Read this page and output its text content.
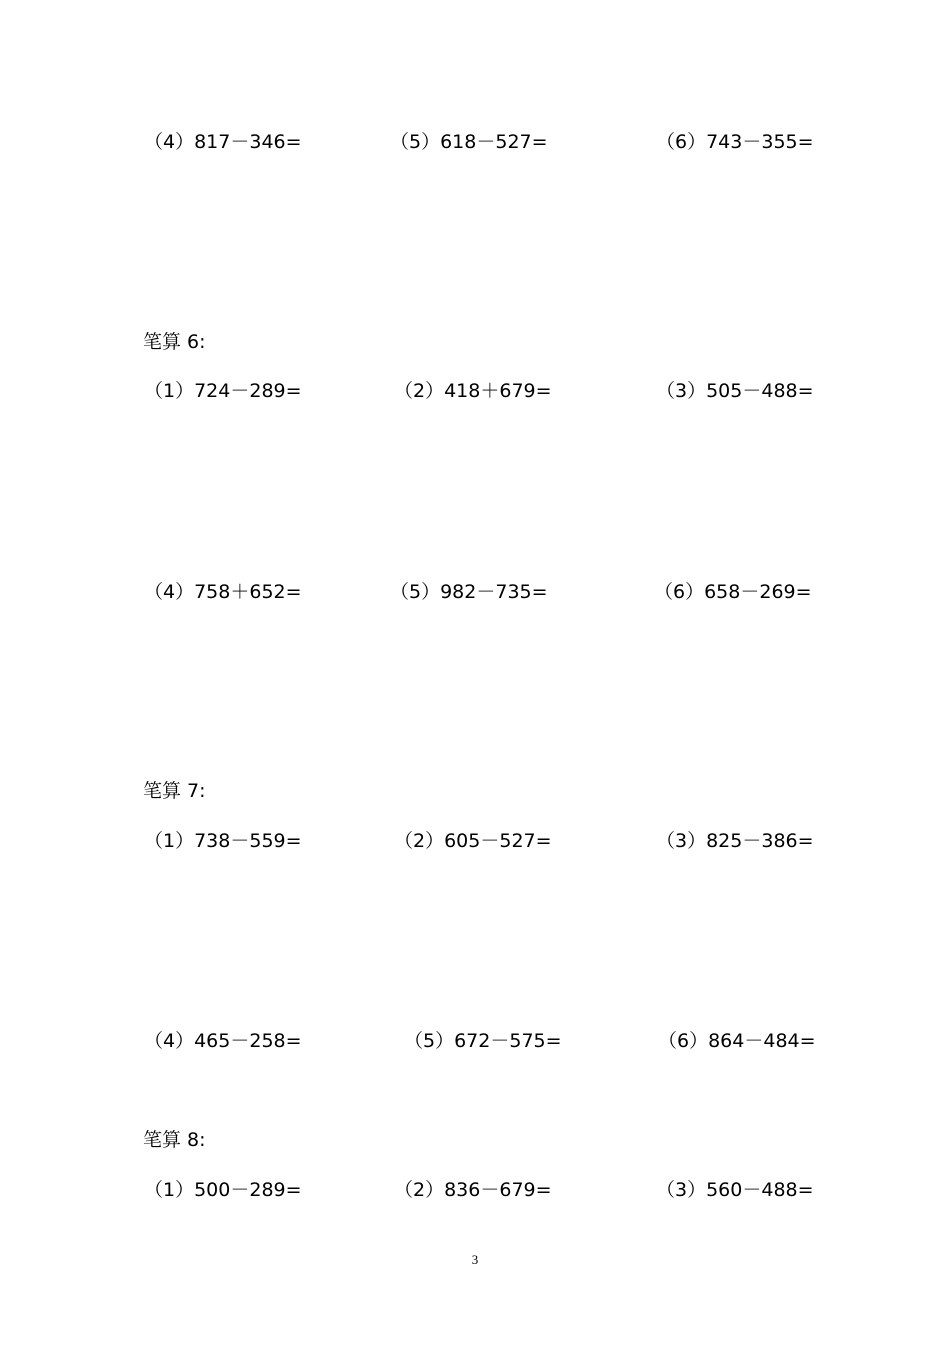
（4）817－346=	（5）618－527=	（6）743－355=
笔算 6:
（1）724－289=	（2）418＋679=	（3）505－488=
（4）758＋652=	（5）982－735=	（6）658－269=
笔算 7:
（1）738－559=	（2）605－527=	（3）825－386=
（4）465－258=	（5）672－575=	（6）864－484=
笔算 8:
（1）500－289=	（2）836－679=	（3）560－488=
3
